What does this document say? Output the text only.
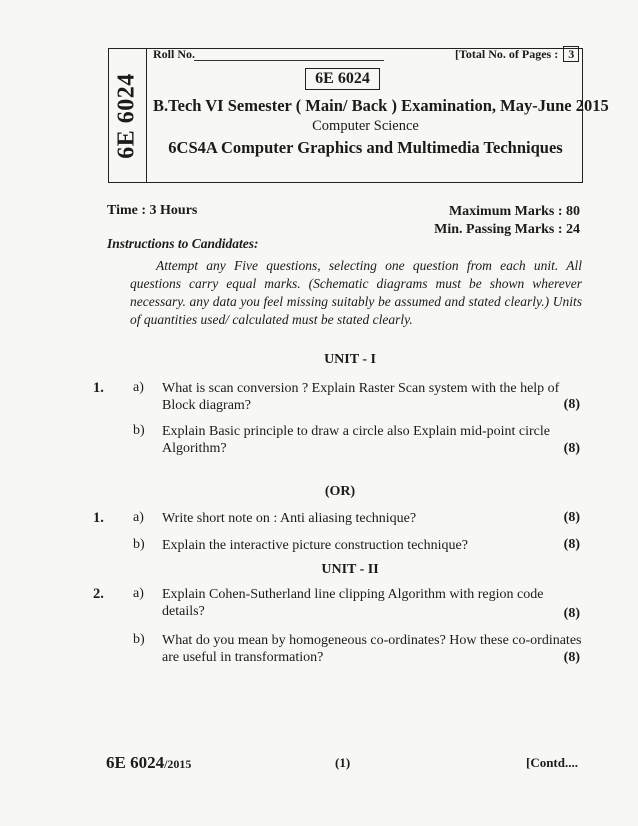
6E 6024
Roll No.	[Total No. of Pages : 3
6E 6024
B.Tech VI Semester ( Main/ Back ) Examination, May-June 2015
Computer Science
6CS4A Computer Graphics and Multimedia Techniques
Time : 3 Hours	Maximum Marks : 80
Min. Passing Marks : 24
Instructions to Candidates:
Attempt any Five questions, selecting one question from each unit. All questions carry equal marks. (Schematic diagrams must be shown wherever necessary. any data you feel missing suitably be assumed and stated clearly.) Units of quantities used/ calculated must be stated clearly.
UNIT - I
1. a) What is scan conversion ? Explain Raster Scan system with the help of Block diagram?	(8)
b) Explain Basic principle to draw a circle also Explain mid-point circle Algorithm?	(8)
(OR)
1. a) Write short note on : Anti aliasing technique?	(8)
b) Explain the interactive picture construction technique?	(8)
UNIT - II
2. a) Explain Cohen-Sutherland line clipping Algorithm with region code details?	(8)
b) What do you mean by homogeneous co-ordinates? How these co-ordinates are useful in transformation?	(8)
6E 6024/2015	(1)	[Contd....
